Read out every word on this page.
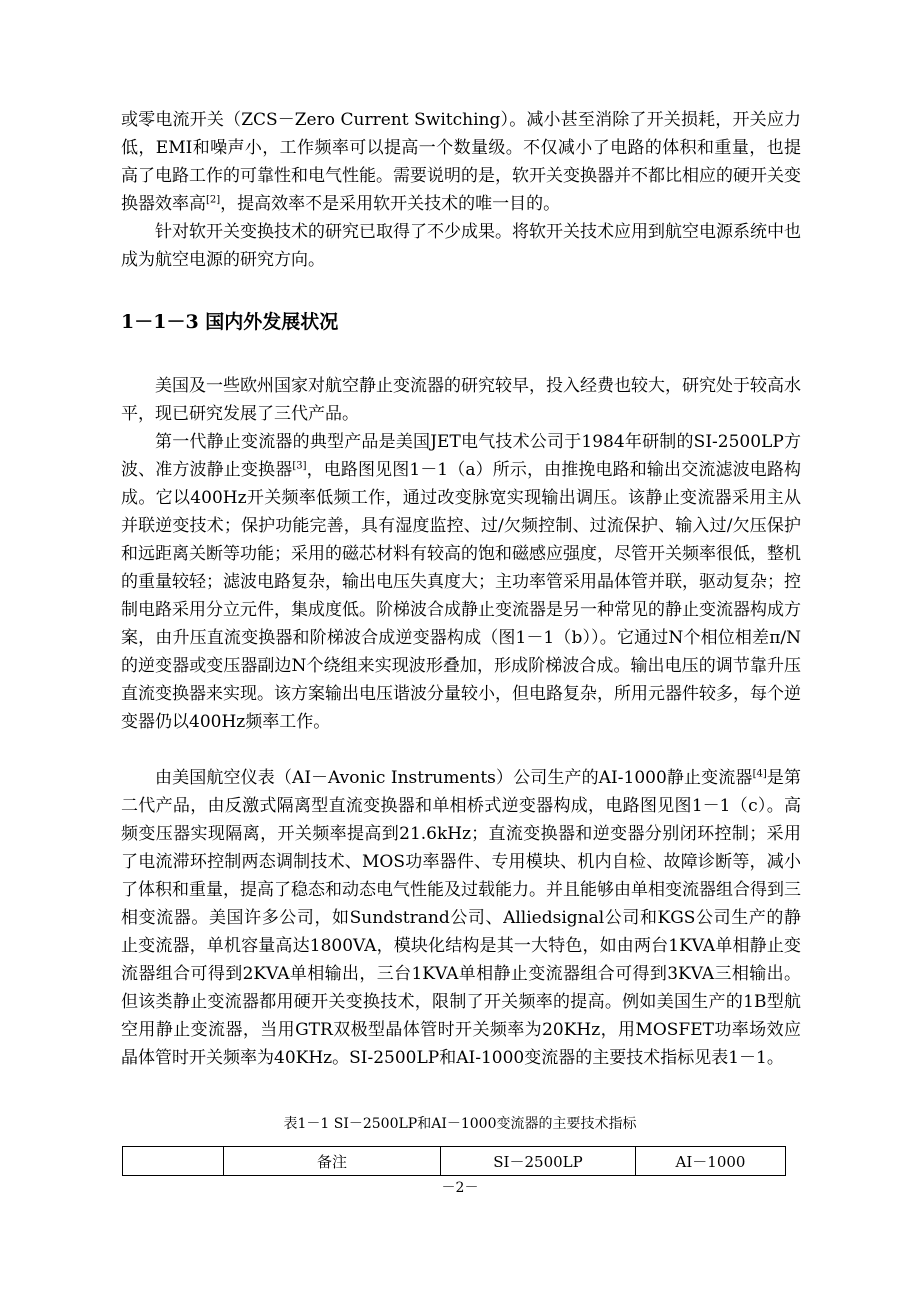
或零电流开关（ZCS－Zero Current Switching）。减小甚至消除了开关损耗，开关应力低，EMI和噪声小，工作频率可以提高一个数量级。不仅减小了电路的体积和重量，也提高了电路工作的可靠性和电气性能。需要说明的是，软开关变换器并不都比相应的硬开关变换器效率高[2]，提高效率不是采用软开关技术的唯一目的。

针对软开关变换技术的研究已取得了不少成果。将软开关技术应用到航空电源系统中也成为航空电源的研究方向。

1－1－3 国内外发展状况

美国及一些欧州国家对航空静止变流器的研究较早，投入经费也较大，研究处于较高水平，现已研究发展了三代产品。

第一代静止变流器的典型产品是美国JET电气技术公司于1984年研制的SI-2500LP方波、准方波静止变换器[3]，电路图见图1－1（a）所示，由推挽电路和输出交流滤波电路构成。它以400Hz开关频率低频工作，通过改变脉宽实现输出调压。该静止变流器采用主从并联逆变技术；保护功能完善，具有湿度监控、过/欠频控制、过流保护、输入过/欠压保护和远距离关断等功能；采用的磁芯材料有较高的饱和磁感应强度，尽管开关频率很低，整机的重量较轻；滤波电路复杂，输出电压失真度大；主功率管采用晶体管并联，驱动复杂；控制电路采用分立元件，集成度低。阶梯波合成静止变流器是另一种常见的静止变流器构成方案，由升压直流变换器和阶梯波合成逆变器构成（图1－1（b））。它通过N个相位相差π/N的逆变器或变压器副边N个绕组来实现波形叠加，形成阶梯波合成。输出电压的调节靠升压直流变换器来实现。该方案输出电压谐波分量较小，但电路复杂，所用元器件较多，每个逆变器仍以400Hz频率工作。

由美国航空仪表（AI－Avonic Instruments）公司生产的AI-1000静止变流器[4]是第二代产品，由反激式隔离型直流变换器和单相桥式逆变器构成，电路图见图1－1（c）。高频变压器实现隔离，开关频率提高到21.6kHz；直流变换器和逆变器分别闭环控制；采用了电流滞环控制两态调制技术、MOS功率器件、专用模块、机内自检、故障诊断等，减小了体积和重量，提高了稳态和动态电气性能及过载能力。并且能够由单相变流器组合得到三相变流器。美国许多公司，如Sundstrand公司、Alliedsignal公司和KGS公司生产的静止变流器，单机容量高达1800VA，模块化结构是其一大特色，如由两台1KVA单相静止变流器组合可得到2KVA单相输出，三台1KVA单相静止变流器组合可得到3KVA三相输出。但该类静止变流器都用硬开关变换技术，限制了开关频率的提高。例如美国生产的1B型航空用静止变流器，当用GTR双极型晶体管时开关频率为20KHz，用MOSFET功率场效应晶体管时开关频率为40KHz。SI-2500LP和AI-1000变流器的主要技术指标见表1－1。

表1－1 SI－2500LP和AI－1000变流器的主要技术指标

	备注	SI－2500LP	AI－1000

－2－
